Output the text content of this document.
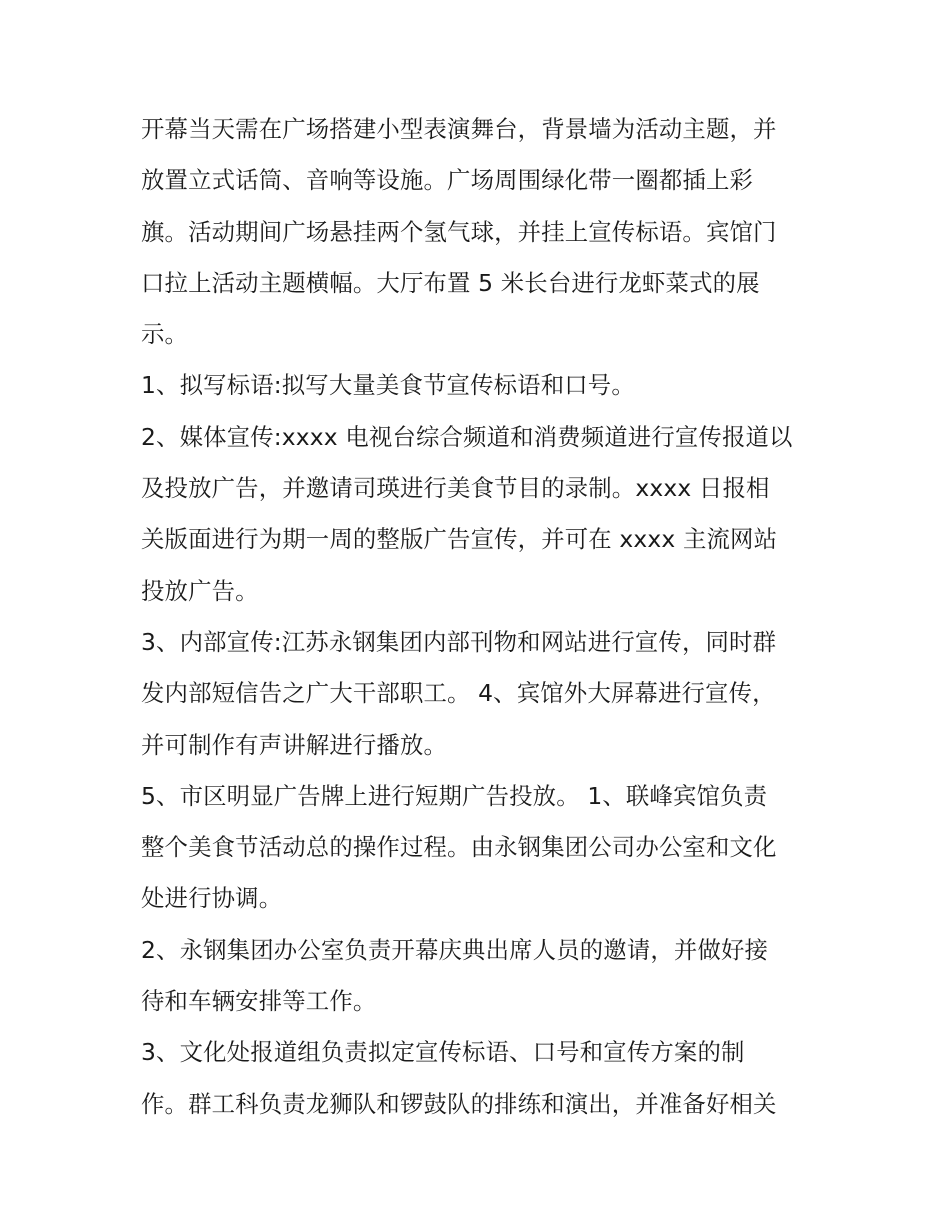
开幕当天需在广场搭建小型表演舞台，背景墙为活动主题，并
放置立式话筒、音响等设施。广场周围绿化带一圈都插上彩
旗。活动期间广场悬挂两个氢气球，并挂上宣传标语。宾馆门
口拉上活动主题横幅。大厅布置 5 米长台进行龙虾菜式的展
示。
1、拟写标语:拟写大量美食节宣传标语和口号。
2、媒体宣传:xxxx 电视台综合频道和消费频道进行宣传报道以
及投放广告，并邀请司瑛进行美食节目的录制。xxxx 日报相
关版面进行为期一周的整版广告宣传，并可在 xxxx 主流网站
投放广告。
3、内部宣传:江苏永钢集团内部刊物和网站进行宣传，同时群
发内部短信告之广大干部职工。 4、宾馆外大屏幕进行宣传，
并可制作有声讲解进行播放。
5、市区明显广告牌上进行短期广告投放。 1、联峰宾馆负责
整个美食节活动总的操作过程。由永钢集团公司办公室和文化
处进行协调。
2、永钢集团办公室负责开幕庆典出席人员的邀请，并做好接
待和车辆安排等工作。
3、文化处报道组负责拟定宣传标语、口号和宣传方案的制
作。群工科负责龙狮队和锣鼓队的排练和演出，并准备好相关
